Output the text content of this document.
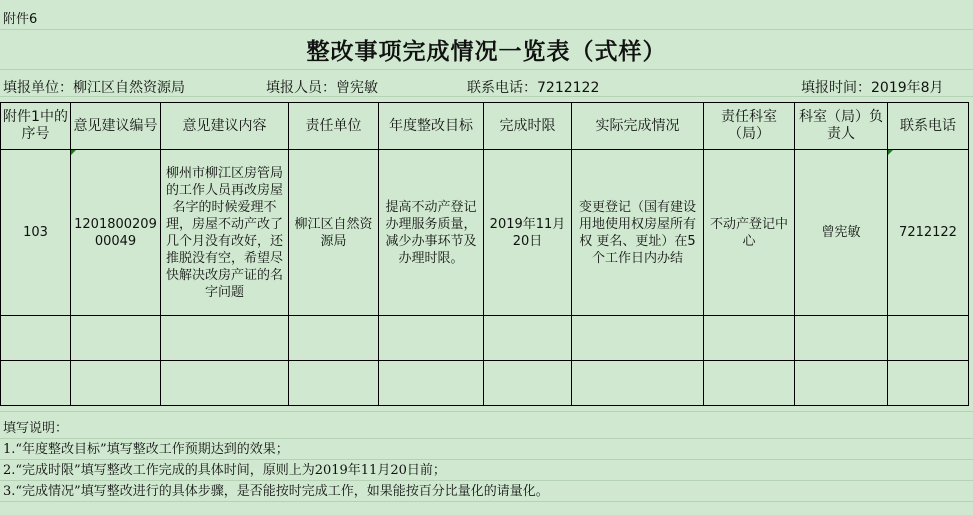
附件6
整改事项完成情况一览表（式样）
填报单位：柳江区自然资源局	填报人员：曾宪敏	联系电话：7212122	填报时间：2019年8月
附件1中的序号	意见建议编号	意见建议内容	责任单位	年度整改目标	完成时限	实际完成情况	责任科室（局）	科室（局）负责人	联系电话
103	120180020900049	柳州市柳江区房管局的工作人员再改房屋名字的时候爱理不理，房屋不动产改了几个月没有改好，还推脱没有空，希望尽快解决改房产证的名字问题	柳江区自然资源局	提高不动产登记办理服务质量，减少办事环节及办理时限。	2019年11月20日	变更登记（国有建设用地使用权房屋所有权 更名、更址）在5个工作日内办结	不动产登记中心	曾宪敏	7212122

填写说明：
1.“年度整改目标”填写整改工作预期达到的效果；
2.“完成时限”填写整改工作完成的具体时间，原则上为2019年11月20日前；
3.“完成情况”填写整改进行的具体步骤，是否能按时完成工作，如果能按百分比量化的请量化。
